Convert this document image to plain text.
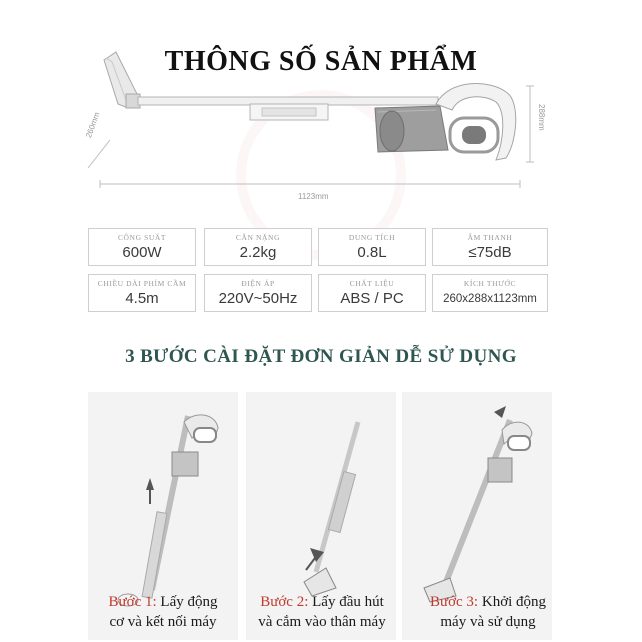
1123mm
260mm	288mm
THÔNG SỐ SẢN PHẨM
CÔNG SUẤT
600W
CÂN NẶNG
2.2kg
DUNG TÍCH
0.8L
ÂM THANH
≤75dB
CHIỀU DÀI PHÍM CẦM
4.5m
ĐIỆN ÁP
220V~50Hz
CHẤT LIỆU
ABS / PC
KÍCH THƯỚC
260x288x1123mm
3 BƯỚC CÀI ĐẶT ĐƠN GIẢN DỄ SỬ DỤNG
Bước 1: Lấy động
cơ và kết nối máy
Bước 2: Lấy đầu hút
và cắm vào thân máy
Bước 3: Khởi động
máy và sử dụng
